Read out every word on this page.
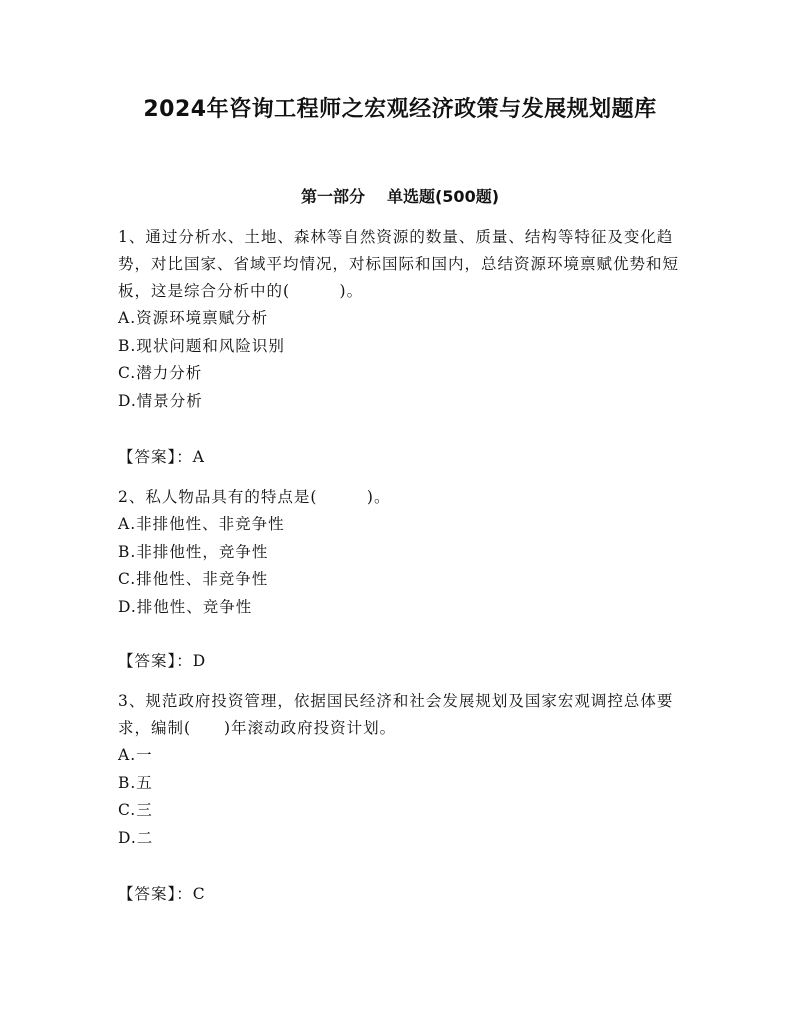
2024年咨询工程师之宏观经济政策与发展规划题库
第一部分 单选题(500题)

1、通过分析水、土地、森林等自然资源的数量、质量、结构等特征及变化趋势，对比国家、省域平均情况，对标国际和国内，总结资源环境禀赋优势和短板，这是综合分析中的(　　　)。

A.资源环境禀赋分析

B.现状问题和风险识别

C.潜力分析

D.情景分析

【答案】：A

2、私人物品具有的特点是(　　　)。

A.非排他性、非竞争性

B.非排他性，竞争性

C.排他性、非竞争性

D.排他性、竞争性

【答案】：D

3、规范政府投资管理，依据国民经济和社会发展规划及国家宏观调控总体要求，编制(　　)年滚动政府投资计划。

A.一

B.五

C.三

D.二

【答案】：C
